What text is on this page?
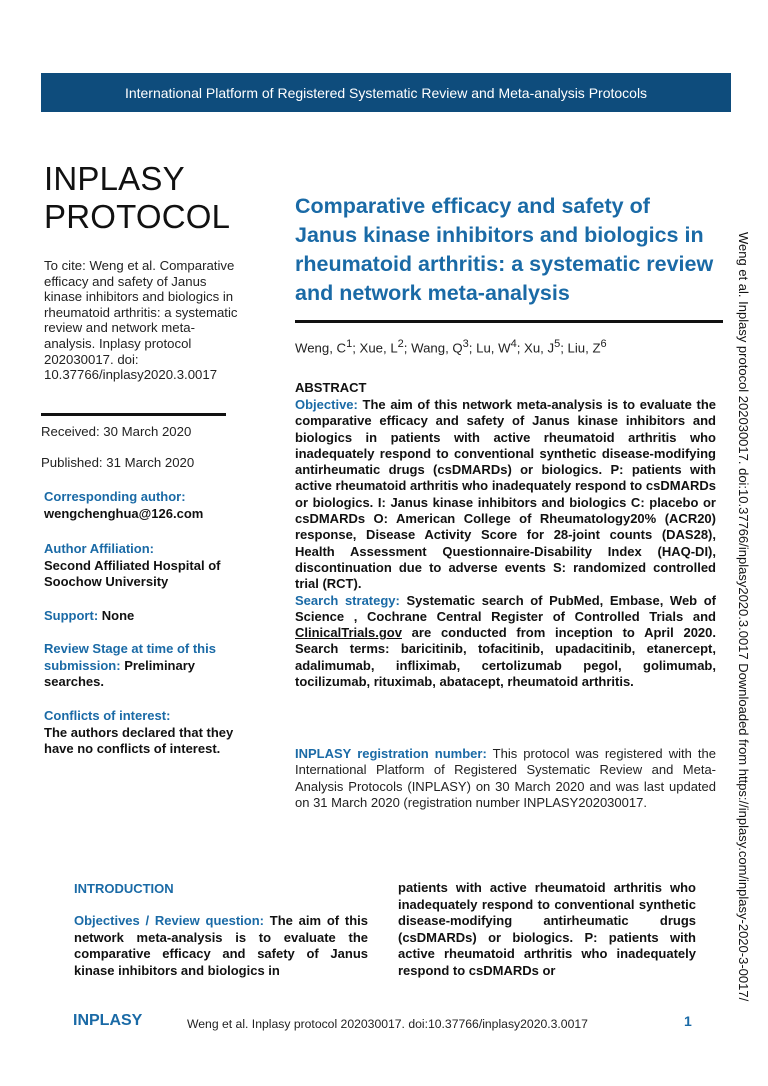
International Platform of Registered Systematic Review and Meta-analysis Protocols
INPLASY
PROTOCOL
To cite: Weng et al. Comparative efficacy and safety of Janus kinase inhibitors and biologics in rheumatoid arthritis: a systematic review and network meta-analysis. Inplasy protocol 202030017. doi: 10.37766/inplasy2020.3.0017
Received: 30 March 2020
Published: 31 March 2020
Corresponding author:
wengchenghua@126.com
Author Affiliation:
Second Affiliated Hospital of Soochow University
Support: None
Review Stage at time of this submission: Preliminary searches.
Conflicts of interest:
The authors declared that they have no conflicts of interest.
Comparative efficacy and safety of Janus kinase inhibitors and biologics in rheumatoid arthritis: a systematic review and network meta-analysis
Weng, $C^1$; Xue, $L^2$; Wang, $Q^3$; Lu, $W^4$; Xu, $J^5$; Liu, $Z^6$
ABSTRACT
Objective: The aim of this network meta-analysis is to evaluate the comparative efficacy and safety of Janus kinase inhibitors and biologics in patients with active rheumatoid arthritis who inadequately respond to conventional synthetic disease-modifying antirheumatic drugs (csDMARDs) or biologics. P: patients with active rheumatoid arthritis who inadequately respond to csDMARDs or biologics. I: Janus kinase inhibitors and biologics C: placebo or csDMARDs O: American College of Rheumatology20% (ACR20) response, Disease Activity Score for 28-joint counts (DAS28), Health Assessment Questionnaire-Disability Index (HAQ-DI), discontinuation due to adverse events S: randomized controlled trial (RCT).
Search strategy: Systematic search of PubMed, Embase, Web of Science , Cochrane Central Register of Controlled Trials and ClinicalTrials.gov are conducted from inception to April 2020. Search terms: baricitinib, tofacitinib, upadacitinib, etanercept, adalimumab, infliximab, certolizumab pegol, golimumab, tocilizumab, rituximab, abatacept, rheumatoid arthritis.
INPLASY registration number: This protocol was registered with the International Platform of Registered Systematic Review and Meta-Analysis Protocols (INPLASY) on 30 March 2020 and was last updated on 31 March 2020 (registration number INPLASY202030017.
INTRODUCTION
Objectives / Review question: The aim of this network meta-analysis is to evaluate the comparative efficacy and safety of Janus kinase inhibitors and biologics in
patients with active rheumatoid arthritis who inadequately respond to conventional synthetic disease-modifying antirheumatic drugs (csDMARDs) or biologics. P: patients with active rheumatoid arthritis who inadequately respond to csDMARDs or	Weng et al. Inplasy protocol 202030017. doi:10.37766/inplasy2020.3.0017 Downloaded from https://inplasy.com/inplasy-2020-3-0017/
INPLASY	Weng et al. Inplasy protocol 202030017. doi:10.37766/inplasy2020.3.0017	1
